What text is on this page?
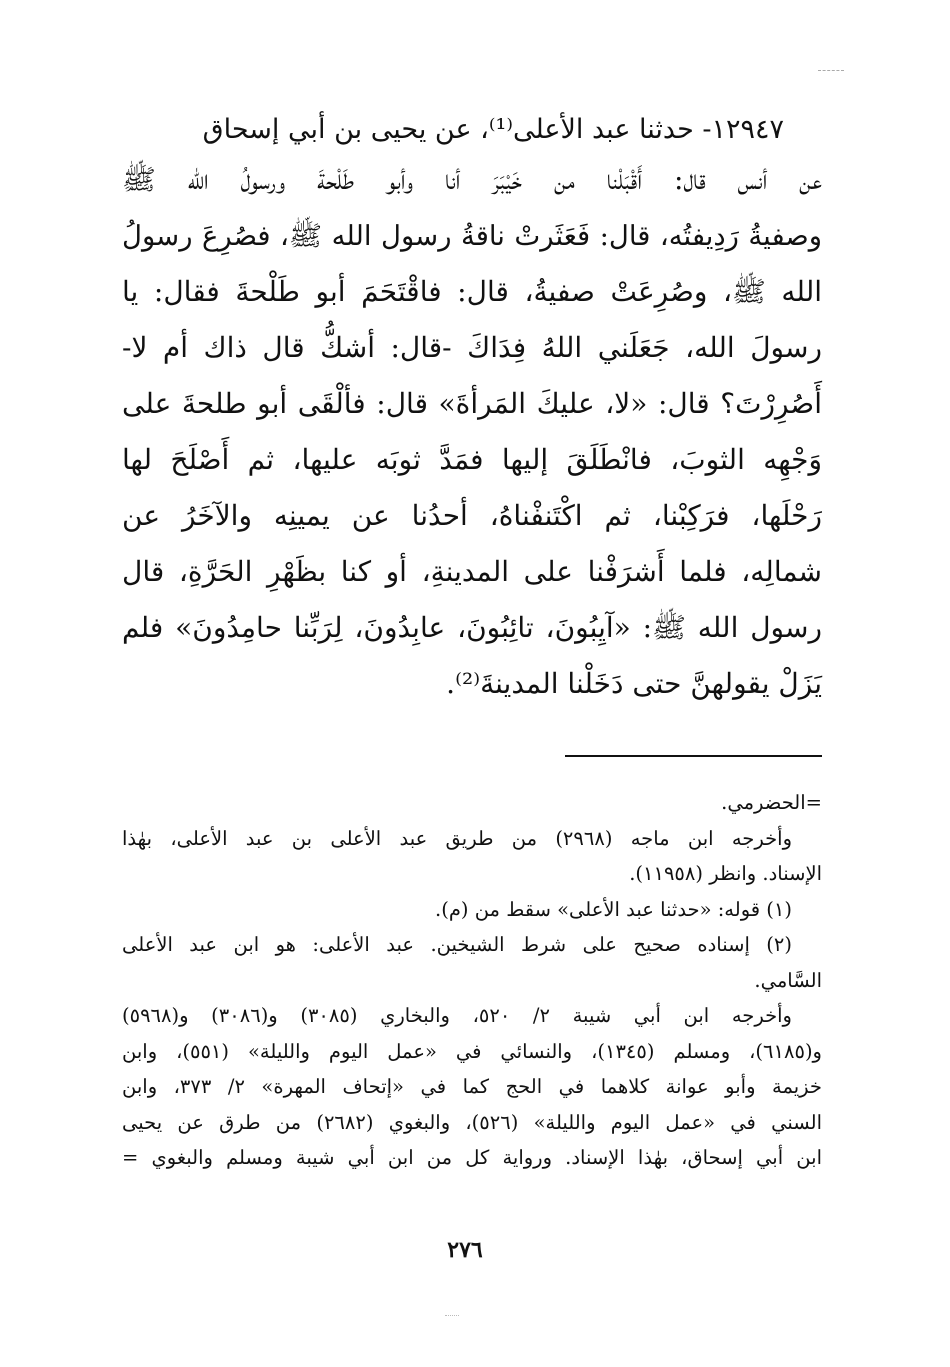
١٢٩٤٧- حدثنا عبد الأعلى⁽¹⁾، عن يحيى بن أبي إسحاق
عن أنس قال: أَقْبَلْنا من خَيْبَرَ أنا وأبو طَلْحةَ ورسولُ الله ﷺ
وصفيةُ رَدِيفتُه، قال: فَعَثَرتْ ناقةُ رسول الله ﷺ، فصُرِعَ رسولُ
الله ﷺ، وصُرِعَتْ صفيةُ، قال: فاقْتَحَمَ أبو طَلْحةَ فقال: يا
رسولَ الله، جَعَلَني اللهُ فِدَاكَ -قال: أشكُّ قال ذاك أم لا-
أَصُرِرْتَ؟ قال: «لا، عليكَ المَرأةَ» قال: فألْقَى أبو طلحةَ على
وَجْهِه الثوبَ، فانْطَلَقَ إليها فمَدَّ ثوبَه عليها، ثم أَصْلَحَ لها
رَحْلَها، فرَكِبْنا، ثم اكْتَنفْناهُ، أحدُنا عن يمينِه والآخَرُ عن
شمالِه، فلما أَشرَفْنا على المدينةِ، أو كنا بظَهْرِ الحَرَّةِ، قال
رسول الله ﷺ: «آيِبُونَ، تائِبُونَ، عابِدُونَ، لِرَبِّنا حامِدُونَ» فلم
يَزَلْ يقولهنَّ حتى دَخَلْنا المدينةَ⁽²⁾.
=الحضرمي.
وأخرجه ابن ماجه (٢٩٦٨) من طريق عبد الأعلى بن عبد الأعلى، بهٰذا
الإسناد. وانظر (١١٩٥٨).
(١) قوله: «حدثنا عبد الأعلى» سقط من (م).
(٢) إسناده صحيح على شرط الشيخين. عبد الأعلى: هو ابن عبد الأعلى
السَّامي.
وأخرجه ابن أبي شيبة ٢/ ٥٢٠، والبخاري (٣٠٨٥) و(٣٠٨٦) و(٥٩٦٨)
و(٦١٨٥)، ومسلم (١٣٤٥)، والنسائي في «عمل اليوم والليلة» (٥٥١)، وابن
خزيمة وأبو عوانة كلاهما في الحج كما في «إتحاف المهرة» ٢/ ٣٧٣، وابن
السني في «عمل اليوم والليلة» (٥٢٦)، والبغوي (٢٦٨٢) من طرق عن يحيى
ابن أبي إسحاق، بهٰذا الإسناد. ورواية كل من ابن أبي شيبة ومسلم والبغوي =
٢٧٦
